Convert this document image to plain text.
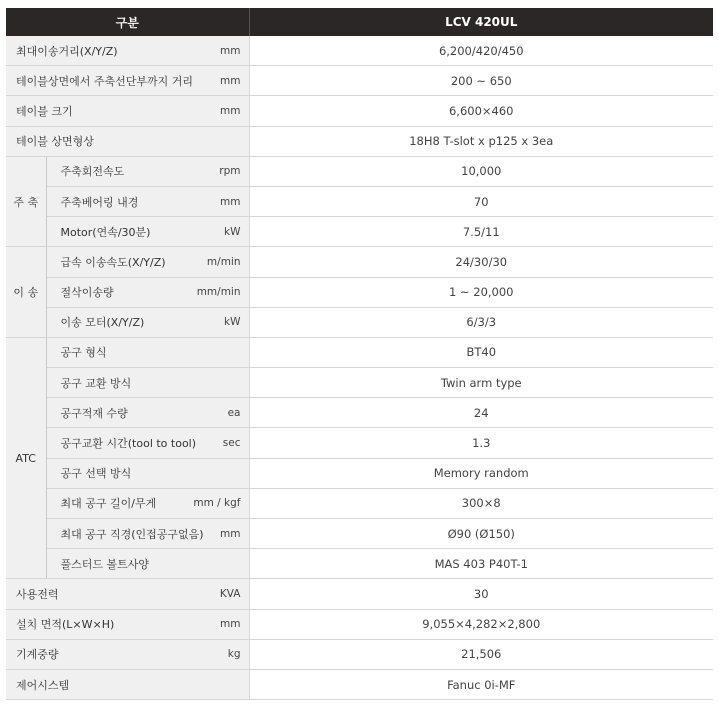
구분		LCV 420UL

최대이송거리(X/Y/Z) mm		6,200/420/450

테이블상면에서 주축선단부까지 거리 mm		200 ~ 650

테이블 크기 mm		6,600×460

테이블 상면형상		18H8 T-slot x p125 x 3ea
주 축	주축회전속도 rpm	10,000

	주축베어링 내경 mm	70

	Motor(연속/30분) kW	7.5/11
이 송	급속 이송속도(X/Y/Z) m/min	24/30/30

	절삭이송량 mm/min	1 ~ 20,000

	이송 모터(X/Y/Z) kW	6/3/3
ATC	공구 형식	BT40

	공구 교환 방식	Twin arm type

	공구적재 수량 ea	24

	공구교환 시간(tool to tool) sec	1.3

	공구 선택 방식	Memory random

	최대 공구 길이/무게 mm / kgf	300×8

	최대 공구 직경(인접공구없음) mm	Ø90 (Ø150)

	풀스터드 볼트사양	MAS 403 P40T-1

사용전력 KVA		30

설치 면적(L×W×H) mm		9,055×4,282×2,800

기계중량 kg		21,506

제어시스템		Fanuc 0i-MF
